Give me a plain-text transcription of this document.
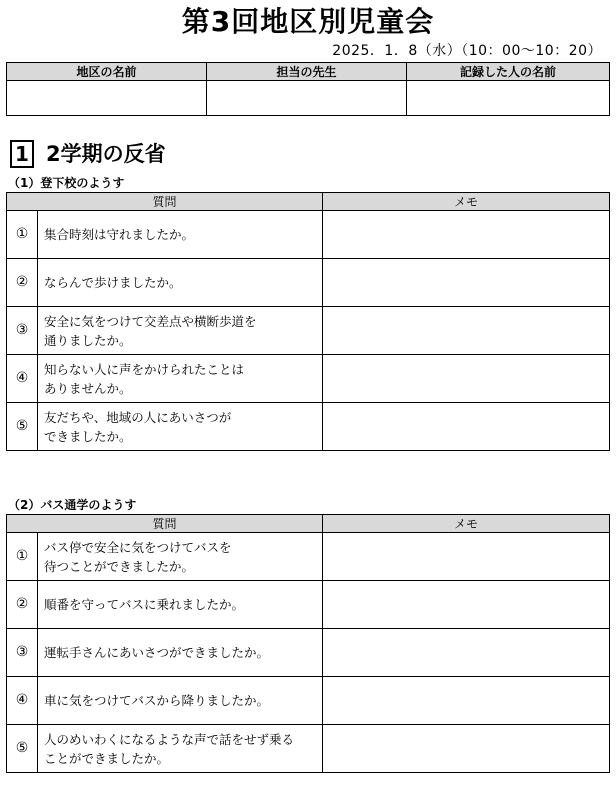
第3回地区別児童会
2025．1．8（水）（10：00～10：20）
地区の名前	担当の先生	記録した人の名前

1 2学期の反省
（1）登下校のようす
質問		メモ
①	集合時刻は守れましたか。	
②	ならんで歩けましたか。	
③	安全に気をつけて交差点や横断歩道を
通りましたか。	
④	知らない人に声をかけられたことは
ありませんか。	
⑤	友だちや、地域の人にあいさつが
できましたか。	
（2）バス通学のようす
質問		メモ
①	バス停で安全に気をつけてバスを
待つことができましたか。	
②	順番を守ってバスに乗れましたか。	
③	運転手さんにあいさつができましたか。	
④	車に気をつけてバスから降りましたか。	
⑤	人のめいわくになるような声で話をせず乗る
ことができましたか。	
